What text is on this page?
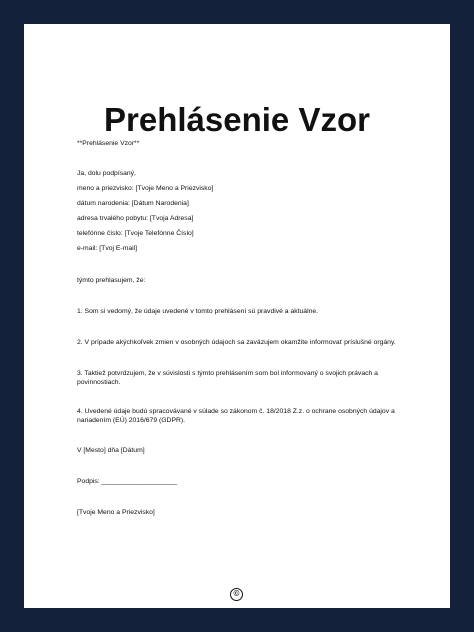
Prehlásenie Vzor
**Prehlásenie Vzor**
Ja, dolu podpísaný,
meno a priezvisko: [Tvoje Meno a Priezvisko]
dátum narodenia: [Dátum Narodenia]
adresa trvalého pobytu: [Tvoja Adresa]
telefónne číslo: [Tvoje Telefónne Číslo]
e-mail: [Tvoj E-mail]
týmto prehlasujem, že:
1. Som si vedomý, že údaje uvedené v tomto prehlásení sú pravdivé a aktuálne.
2. V prípade akýchkoľvek zmien v osobných údajoch sa zaväzujem okamžite informovať príslušné orgány.
3. Taktiež potvrdzujem, že v súvislosti s týmto prehlásením som bol informovaný o svojich právach a povinnostiach.
4. Uvedené údaje budú spracovávané v súlade so zákonom č. 18/2018 Z.z. o ochrane osobných údajov a nariadením (EÚ) 2016/679 (GDPR).
V [Mesto] dňa [Dátum]
Podpis: ____________________
[Tvoje Meno a Priezvisko]
©
